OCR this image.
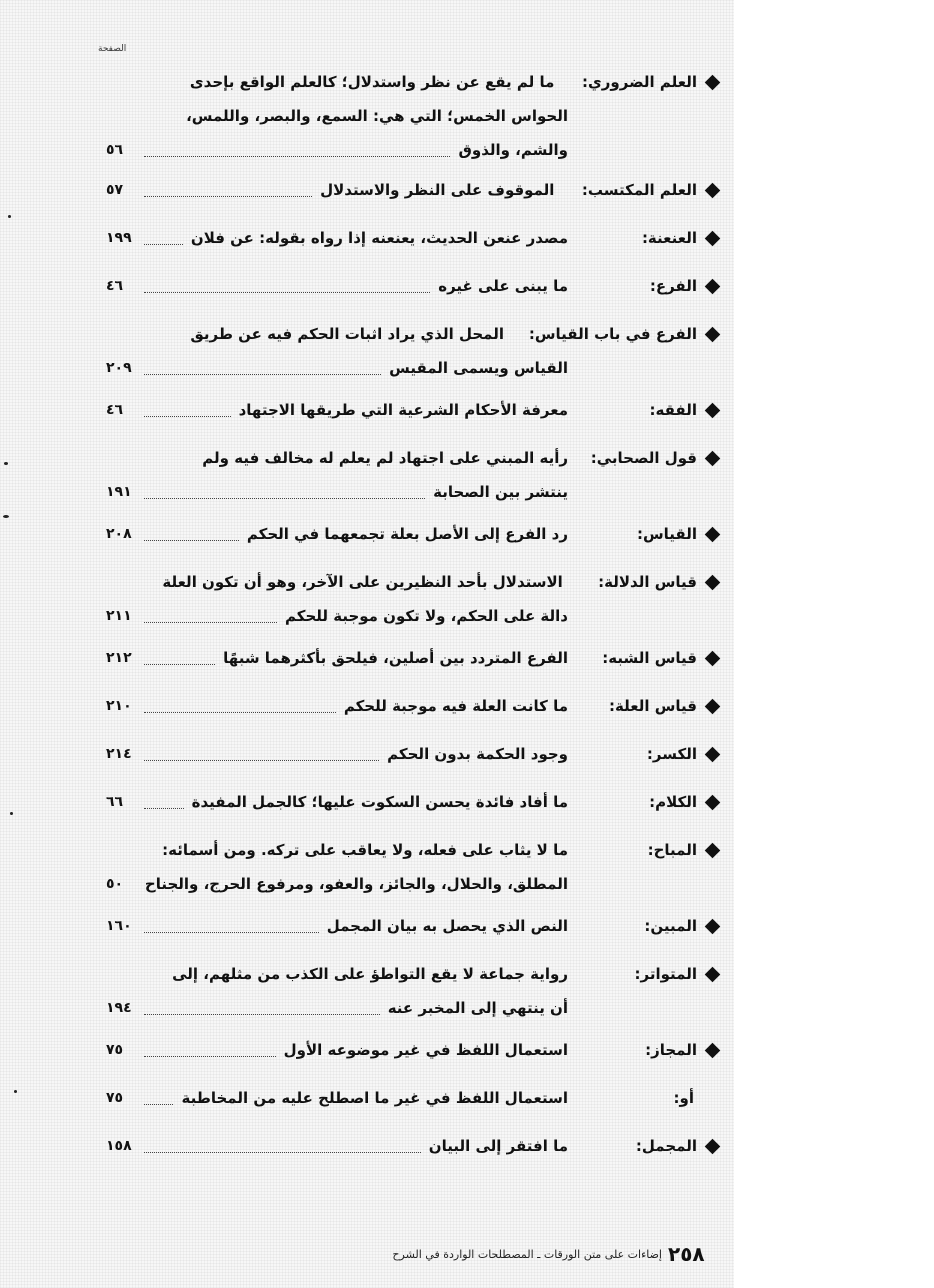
الصفحة
العلم الضروري:
ما لم يقع عن نظر واستدلال؛ كالعلم الواقع بإحدى
الحواس الخمس؛ التي هي: السمع، والبصر، واللمس،
والشم، والذوق
٥٦
العلم المكتسب:
الموقوف على النظر والاستدلال
٥٧
العنعنة:
مصدر عنعن الحديث، يعنعنه إذا رواه بقوله: عن فلان
١٩٩
الفرع:
ما يبنى على غيره
٤٦
الفرع في باب القياس:
المحل الذي يراد اثبات الحكم فيه عن طريق
القياس ويسمى المقيس
٢٠٩
الفقه:
معرفة الأحكام الشرعية التي طريقها الاجتهاد
٤٦
قول الصحابي:
رأيه المبني على اجتهاد لم يعلم له مخالف فيه ولم
ينتشر بين الصحابة
١٩١
القياس:
رد الفرع إلى الأصل بعلة تجمعهما في الحكم
٢٠٨
قياس الدلالة:
الاستدلال بأحد النظيرين على الآخر، وهو أن تكون العلة
دالة على الحكم، ولا تكون موجبة للحكم
٢١١
قياس الشبه:
الفرع المتردد بين أصلين، فيلحق بأكثرهما شبهًا
٢١٢
قياس العلة:
ما كانت العلة فيه موجبة للحكم
٢١٠
الكسر:
وجود الحكمة بدون الحكم
٢١٤
الكلام:
ما أفاد فائدة يحسن السكوت عليها؛ كالجمل المفيدة
٦٦
المباح:
ما لا يثاب على فعله، ولا يعاقب على تركه. ومن أسمائه:
المطلق، والحلال، والجائز، والعفو، ومرفوع الحرج، والجناح
٥٠
المبين:
النص الذي يحصل به بيان المجمل
١٦٠
المتواتر:
رواية جماعة لا يقع التواطؤ على الكذب من مثلهم، إلى
أن ينتهي إلى المخبر عنه
١٩٤
المجاز:
استعمال اللفظ في غير موضوعه الأول
٧٥
أو:
استعمال اللفظ في غير ما اصطلح عليه من المخاطبة
٧٥
المجمل:
ما افتقر إلى البيان
١٥٨
٢٥٨
إضاءات على متن الورقات ـ المصطلحات الواردة في الشرح
